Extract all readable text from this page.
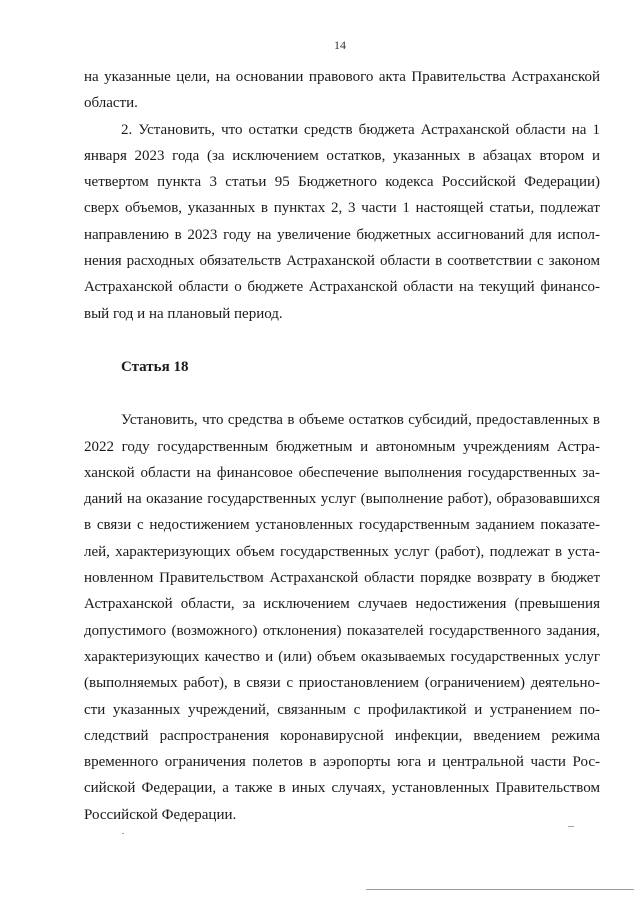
14

на указанные цели, на основании правового акта Правительства Астраханской области.

2. Установить, что остатки средств бюджета Астраханской области на 1 января 2023 года (за исключением остатков, указанных в абзацах втором и четвертом пункта 3 статьи 95 Бюджетного кодекса Российской Федерации) сверх объемов, указанных в пунктах 2, 3 части 1 настоящей статьи, подлежат направлению в 2023 году на увеличение бюджетных ассигнований для исполнения расходных обязательств Астраханской области в соответствии с законом Астраханской области о бюджете Астраханской области на текущий финансовый год и на плановый период.

Статья 18

Установить, что средства в объеме остатков субсидий, предоставленных в 2022 году государственным бюджетным и автономным учреждениям Астраханской области на финансовое обеспечение выполнения государственных заданий на оказание государственных услуг (выполнение работ), образовавшихся в связи с недостижением установленных государственным заданием показателей, характеризующих объем государственных услуг (работ), подлежат в установленном Правительством Астраханской области порядке возврату в бюджет Астраханской области, за исключением случаев недостижения (превышения допустимого (возможного) отклонения) показателей государственного задания, характеризующих качество и (или) объем оказываемых государственных услуг (выполняемых работ), в связи с приостановлением (ограничением) деятельности указанных учреждений, связанным с профилактикой и устранением последствий распространения коронавирусной инфекции, введением режима временного ограничения полетов в аэропорты юга и центральной части Российской Федерации, а также в иных случаях, установленных Правительством Российской Федерации.
